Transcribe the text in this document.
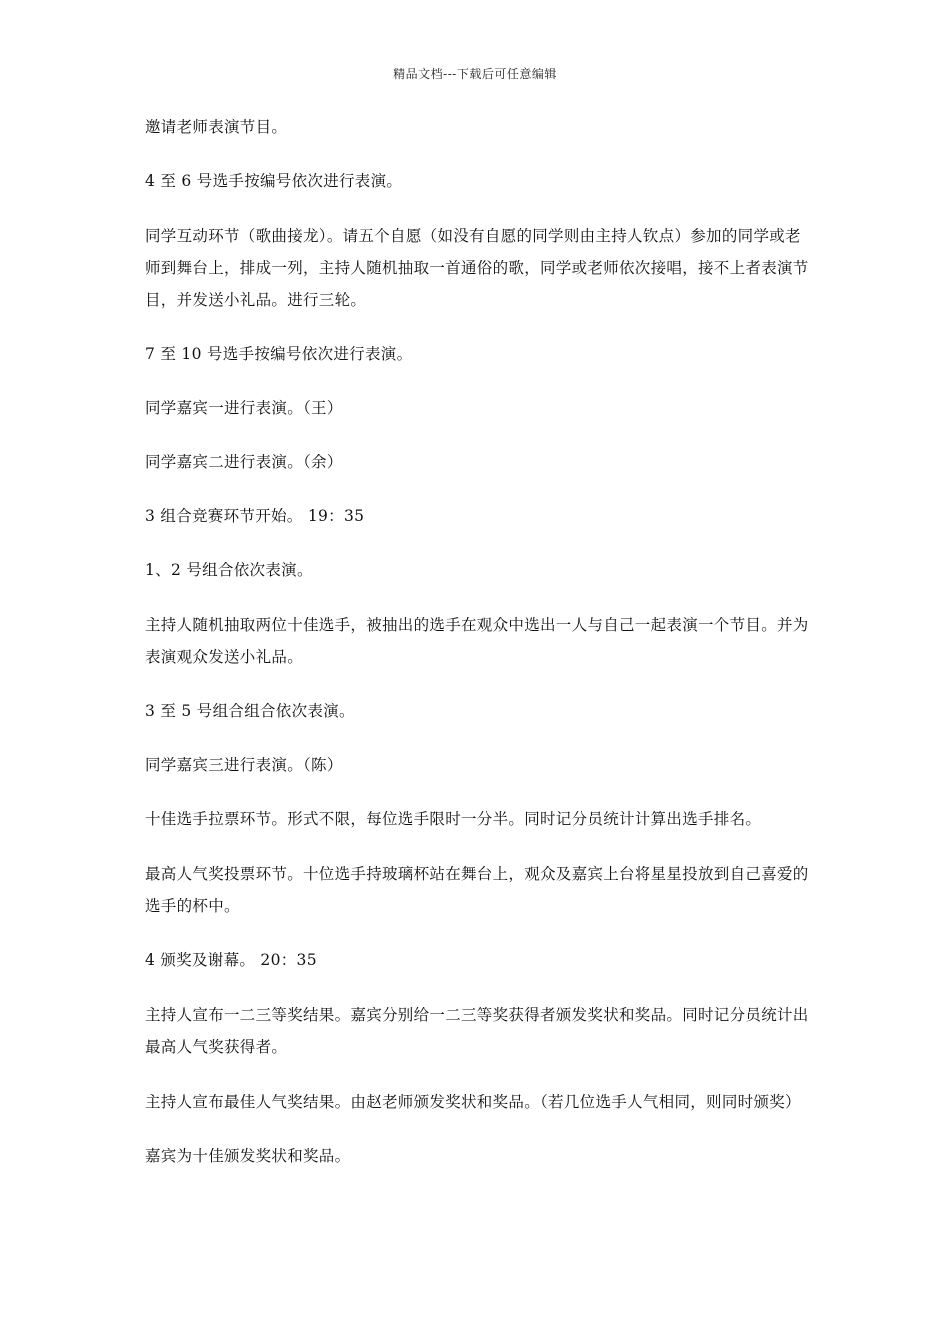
精品文档---下载后可任意编辑

邀请老师表演节目。

4 至 6 号选手按编号依次进行表演。

同学互动环节（歌曲接龙）。请五个自愿（如没有自愿的同学则由主持人钦点）参加的同学或老师到舞台上，排成一列，主持人随机抽取一首通俗的歌，同学或老师依次接唱，接不上者表演节目，并发送小礼品。进行三轮。

7 至 10 号选手按编号依次进行表演。

同学嘉宾一进行表演。（王）

同学嘉宾二进行表演。（余）

3 组合竞赛环节开始。 19：35

1、2 号组合依次表演。

主持人随机抽取两位十佳选手，被抽出的选手在观众中选出一人与自己一起表演一个节目。并为表演观众发送小礼品。

3 至 5 号组合组合依次表演。

同学嘉宾三进行表演。（陈）

十佳选手拉票环节。形式不限，每位选手限时一分半。同时记分员统计计算出选手排名。

最高人气奖投票环节。十位选手持玻璃杯站在舞台上，观众及嘉宾上台将星星投放到自己喜爱的选手的杯中。

4 颁奖及谢幕。 20：35

主持人宣布一二三等奖结果。嘉宾分别给一二三等奖获得者颁发奖状和奖品。同时记分员统计出最高人气奖获得者。

主持人宣布最佳人气奖结果。由赵老师颁发奖状和奖品。（若几位选手人气相同，则同时颁奖）

嘉宾为十佳颁发奖状和奖品。
